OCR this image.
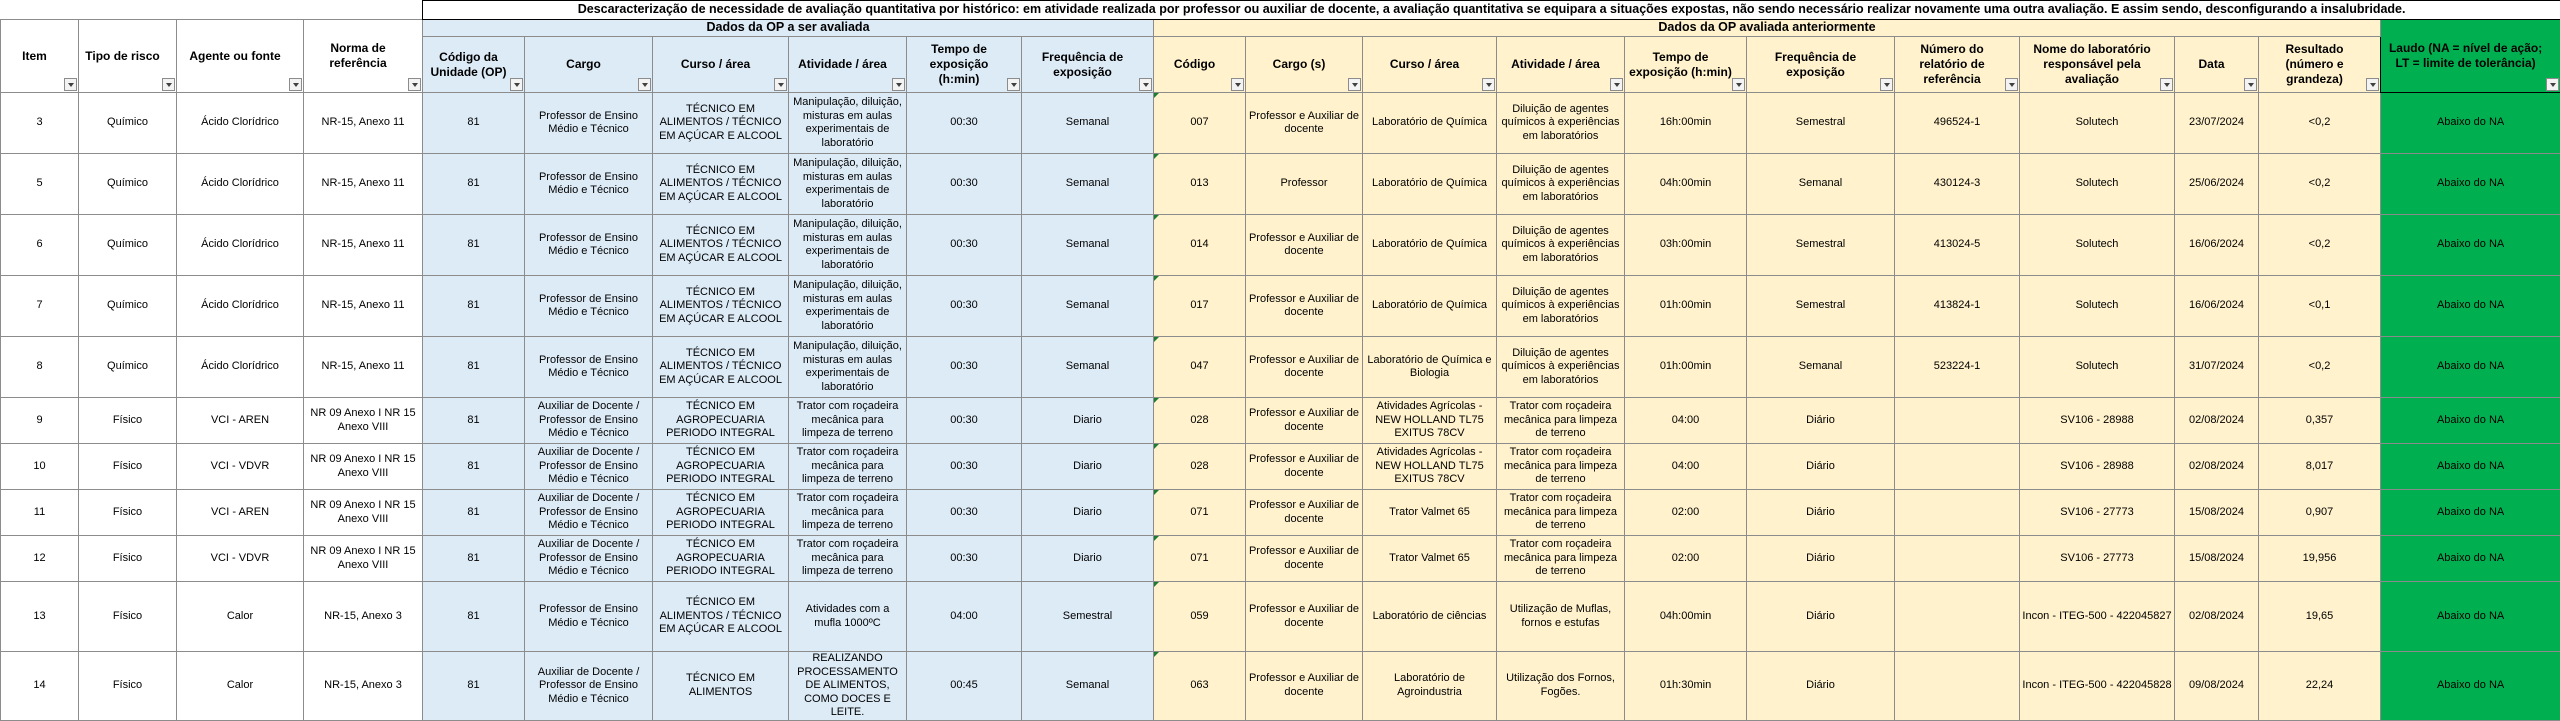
				Descaracterização de necessidade de avaliação quantitativa por histórico: em atividade realizada por professor ou auxiliar de docente, a avaliação quantitativa se equipara a situações expostas, não sendo necessário realizar novamente uma outra avaliação. E assim sendo, desconfigurando a insalubridade.																

Item	Tipo de risco	Agente ou fonte	Norma de referência	Dados da OP a ser avaliada						Dados da OP avaliada anteriormente										Laudo (NA = nível de ação; LT = limite de tolerância)

				Código da Unidade (OP)	Cargo	Curso / área	Atividade / área	Tempo de exposição (h:min)	Frequência de exposição	Código	Cargo (s)	Curso / área	Atividade / área	Tempo de exposição (h:min)	Frequência de exposição	Número do relatório de referência	Nome do laboratório responsável pela avaliação	Data	Resultado (número e grandeza)	

3	Químico	Ácido Clorídrico	NR-15, Anexo 11	81	Professor de Ensino Médio e Técnico	TÉCNICO EM ALIMENTOS / TÉCNICO EM AÇÚCAR E ALCOOL	Manipulação, diluição, misturas em aulas experimentais de laboratório	00:30	Semanal	007	Professor e Auxiliar de docente	Laboratório de Química	Diluição de agentes químicos à experiências em laboratórios	16h:00min	Semestral	496524-1	Solutech	23/07/2024	<0,2	Abaixo do NA
5	Químico	Ácido Clorídrico	NR-15, Anexo 11	81	Professor de Ensino Médio e Técnico	TÉCNICO EM ALIMENTOS / TÉCNICO EM AÇÚCAR E ALCOOL	Manipulação, diluição, misturas em aulas experimentais de laboratório	00:30	Semanal	013	Professor	Laboratório de Química	Diluição de agentes químicos à experiências em laboratórios	04h:00min	Semanal	430124-3	Solutech	25/06/2024	<0,2	Abaixo do NA
6	Químico	Ácido Clorídrico	NR-15, Anexo 11	81	Professor de Ensino Médio e Técnico	TÉCNICO EM ALIMENTOS / TÉCNICO EM AÇÚCAR E ALCOOL	Manipulação, diluição, misturas em aulas experimentais de laboratório	00:30	Semanal	014	Professor e Auxiliar de docente	Laboratório de Química	Diluição de agentes químicos à experiências em laboratórios	03h:00min	Semestral	413024-5	Solutech	16/06/2024	<0,2	Abaixo do NA
7	Químico	Ácido Clorídrico	NR-15, Anexo 11	81	Professor de Ensino Médio e Técnico	TÉCNICO EM ALIMENTOS / TÉCNICO EM AÇÚCAR E ALCOOL	Manipulação, diluição, misturas em aulas experimentais de laboratório	00:30	Semanal	017	Professor e Auxiliar de docente	Laboratório de Química	Diluição de agentes químicos à experiências em laboratórios	01h:00min	Semestral	413824-1	Solutech	16/06/2024	<0,1	Abaixo do NA
8	Químico	Ácido Clorídrico	NR-15, Anexo 11	81	Professor de Ensino Médio e Técnico	TÉCNICO EM ALIMENTOS / TÉCNICO EM AÇÚCAR E ALCOOL	Manipulação, diluição, misturas em aulas experimentais de laboratório	00:30	Semanal	047	Professor e Auxiliar de docente	Laboratório de Química e Biologia	Diluição de agentes químicos à experiências em laboratórios	01h:00min	Semanal	523224-1	Solutech	31/07/2024	<0,2	Abaixo do NA
9	Físico	VCI - AREN	NR 09 Anexo I NR 15 Anexo VIII	81	Auxiliar de Docente / Professor de Ensino Médio e Técnico	TÉCNICO EM AGROPECUARIA PERIODO INTEGRAL	Trator com roçadeira mecânica para limpeza de terreno	00:30	Diario	028	Professor e Auxiliar de docente	Atividades Agrícolas - NEW HOLLAND TL75 EXITUS 78CV	Trator com roçadeira mecânica para limpeza de terreno	04:00	Diário		SV106 - 28988	02/08/2024	0,357	Abaixo do NA
10	Físico	VCI - VDVR	NR 09 Anexo I NR 15 Anexo VIII	81	Auxiliar de Docente / Professor de Ensino Médio e Técnico	TÉCNICO EM AGROPECUARIA PERIODO INTEGRAL	Trator com roçadeira mecânica para limpeza de terreno	00:30	Diario	028	Professor e Auxiliar de docente	Atividades Agrícolas - NEW HOLLAND TL75 EXITUS 78CV	Trator com roçadeira mecânica para limpeza de terreno	04:00	Diário		SV106 - 28988	02/08/2024	8,017	Abaixo do NA
11	Físico	VCI - AREN	NR 09 Anexo I NR 15 Anexo VIII	81	Auxiliar de Docente / Professor de Ensino Médio e Técnico	TÉCNICO EM AGROPECUARIA PERIODO INTEGRAL	Trator com roçadeira mecânica para limpeza de terreno	00:30	Diario	071	Professor e Auxiliar de docente	Trator Valmet 65	Trator com roçadeira mecânica para limpeza de terreno	02:00	Diário		SV106 - 27773	15/08/2024	0,907	Abaixo do NA
12	Físico	VCI - VDVR	NR 09 Anexo I NR 15 Anexo VIII	81	Auxiliar de Docente / Professor de Ensino Médio e Técnico	TÉCNICO EM AGROPECUARIA PERIODO INTEGRAL	Trator com roçadeira mecânica para limpeza de terreno	00:30	Diario	071	Professor e Auxiliar de docente	Trator Valmet 65	Trator com roçadeira mecânica para limpeza de terreno	02:00	Diário		SV106 - 27773	15/08/2024	19,956	Abaixo do NA
13	Físico	Calor	NR-15, Anexo 3	81	Professor de Ensino Médio e Técnico	TÉCNICO EM ALIMENTOS / TÉCNICO EM AÇÚCAR E ALCOOL	Atividades com a mufla 1000ºC	04:00	Semestral	059	Professor e Auxiliar de docente	Laboratório de ciências	Utilização de Muflas, fornos e estufas	04h:00min	Diário		Incon - ITEG-500 - 422045827	02/08/2024	19,65	Abaixo do NA
14	Físico	Calor	NR-15, Anexo 3	81	Auxiliar de Docente / Professor de Ensino Médio e Técnico	TÉCNICO EM ALIMENTOS	REALIZANDO PROCESSAMENTO DE ALIMENTOS, COMO DOCES E LEITE.	00:45	Semanal	063	Professor e Auxiliar de docente	Laboratório de Agroindustria	Utilização dos Fornos, Fogões.	01h:30min	Diário		Incon - ITEG-500 - 422045828	09/08/2024	22,24	Abaixo do NA
